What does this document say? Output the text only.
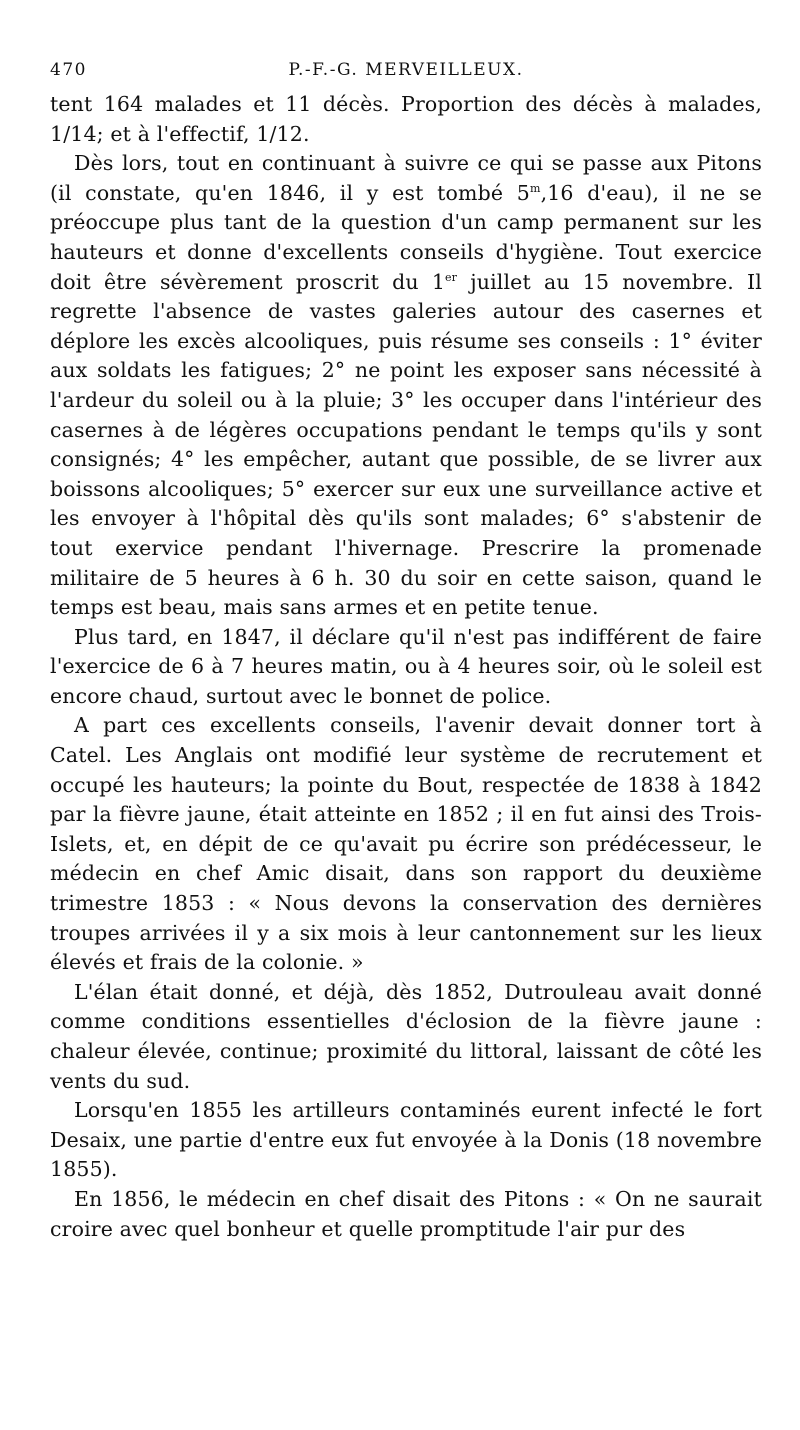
470	P.-F.-G. MERVEILLEUX.

tent 164 malades et 11 décès. Proportion des décès à malades, 1/14; et à l'effectif, 1/12.

Dès lors, tout en continuant à suivre ce qui se passe aux Pitons (il constate, qu'en 1846, il y est tombé 5$^m$,16 d'eau), il ne se préoccupe plus tant de la question d'un camp permanent sur les hauteurs et donne d'excellents conseils d'hygiène. Tout exercice doit être sévèrement proscrit du 1er juillet au 15 novembre. Il regrette l'absence de vastes galeries autour des casernes et déplore les excès alcooliques, puis résume ses conseils : 1° éviter aux soldats les fatigues; 2° ne point les exposer sans nécessité à l'ardeur du soleil ou à la pluie; 3° les occuper dans l'intérieur des casernes à de légères occupations pendant le temps qu'ils y sont consignés; 4° les empêcher, autant que possible, de se livrer aux boissons alcooliques; 5° exercer sur eux une surveillance active et les envoyer à l'hôpital dès qu'ils sont malades; 6° s'abstenir de tout exervice pendant l'hivernage. Prescrire la promenade militaire de 5 heures à 6 h. 30 du soir en cette saison, quand le temps est beau, mais sans armes et en petite tenue.

Plus tard, en 1847, il déclare qu'il n'est pas indifférent de faire l'exercice de 6 à 7 heures matin, ou à 4 heures soir, où le soleil est encore chaud, surtout avec le bonnet de police.

A part ces excellents conseils, l'avenir devait donner tort à Catel. Les Anglais ont modifié leur système de recrutement et occupé les hauteurs; la pointe du Bout, respectée de 1838 à 1842 par la fièvre jaune, était atteinte en 1852 ; il en fut ainsi des Trois-Islets, et, en dépit de ce qu'avait pu écrire son prédécesseur, le médecin en chef Amic disait, dans son rapport du deuxième trimestre 1853 : « Nous devons la conservation des dernières troupes arrivées il y a six mois à leur cantonnement sur les lieux élevés et frais de la colonie. »

L'élan était donné, et déjà, dès 1852, Dutrouleau avait donné comme conditions essentielles d'éclosion de la fièvre jaune : chaleur élevée, continue; proximité du littoral, laissant de côté les vents du sud.

Lorsqu'en 1855 les artilleurs contaminés eurent infecté le fort Desaix, une partie d'entre eux fut envoyée à la Donis (18 novembre 1855).

En 1856, le médecin en chef disait des Pitons : « On ne saurait croire avec quel bonheur et quelle promptitude l'air pur des
